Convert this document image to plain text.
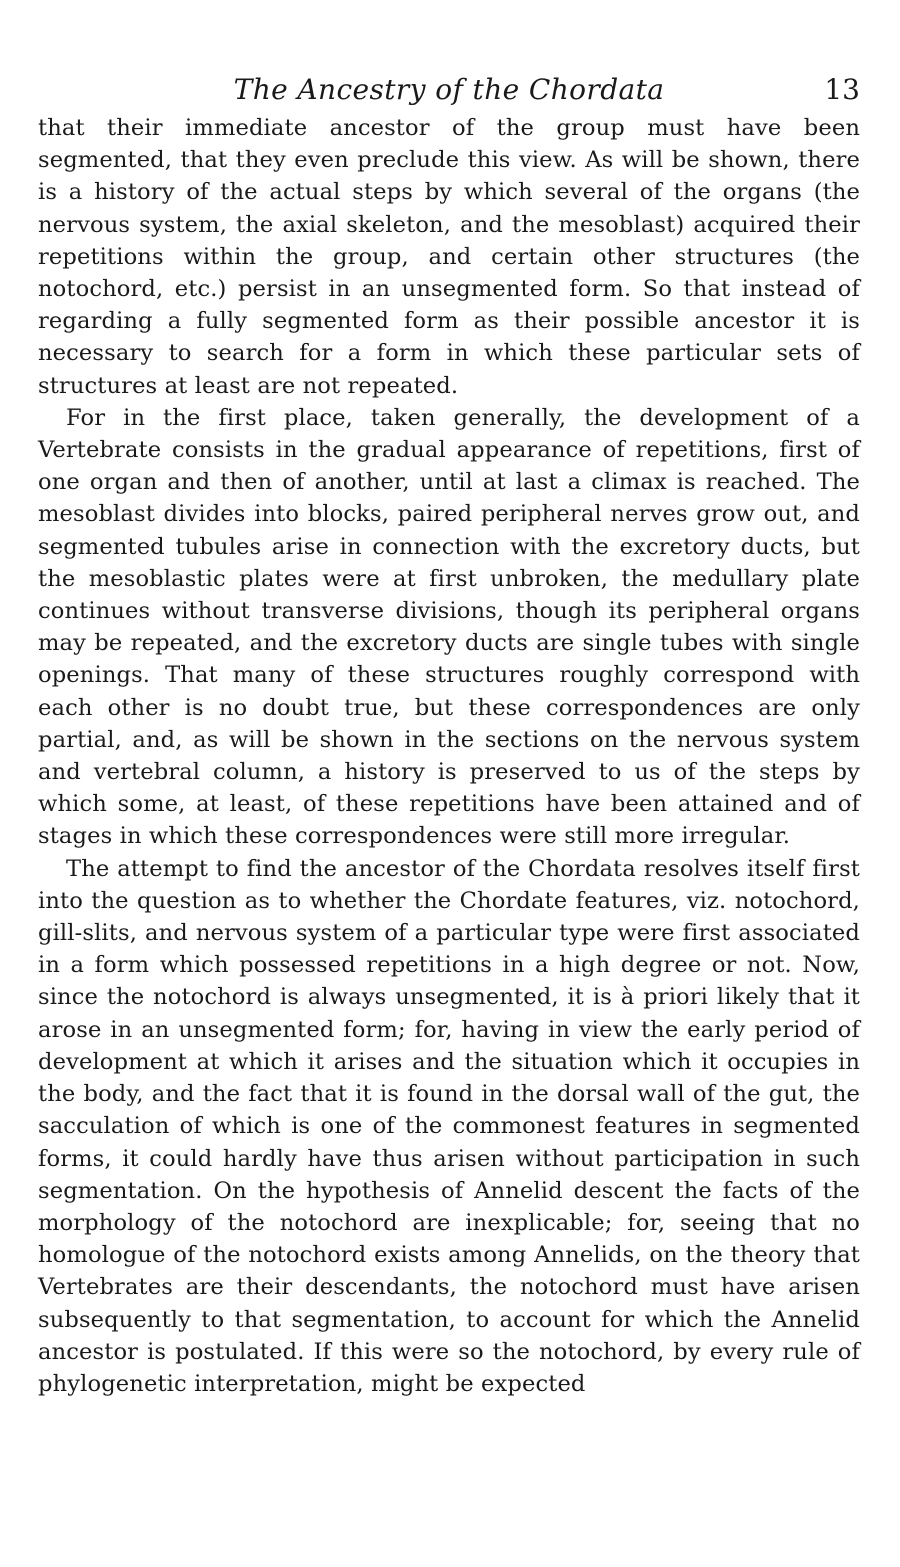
The Ancestry of the Chordata	13

that their immediate ancestor of the group must have been segmented, that they even preclude this view. As will be shown, there is a history of the actual steps by which several of the organs (the nervous system, the axial skeleton, and the mesoblast) acquired their repetitions within the group, and certain other structures (the notochord, etc.) persist in an unsegmented form. So that instead of regarding a fully segmented form as their possible ancestor it is necessary to search for a form in which these particular sets of structures at least are not repeated.

For in the first place, taken generally, the development of a Vertebrate consists in the gradual appearance of repetitions, first of one organ and then of another, until at last a climax is reached. The mesoblast divides into blocks, paired peripheral nerves grow out, and segmented tubules arise in connection with the excretory ducts, but the mesoblastic plates were at first unbroken, the medullary plate continues without transverse divisions, though its peripheral organs may be repeated, and the excretory ducts are single tubes with single openings. That many of these structures roughly correspond with each other is no doubt true, but these correspondences are only partial, and, as will be shown in the sections on the nervous system and vertebral column, a history is preserved to us of the steps by which some, at least, of these repetitions have been attained and of stages in which these correspondences were still more irregular.

The attempt to find the ancestor of the Chordata resolves itself first into the question as to whether the Chordate features, viz. notochord, gill-slits, and nervous system of a particular type were first associated in a form which possessed repetitions in a high degree or not. Now, since the notochord is always unsegmented, it is à priori likely that it arose in an unsegmented form; for, having in view the early period of development at which it arises and the situation which it occupies in the body, and the fact that it is found in the dorsal wall of the gut, the sacculation of which is one of the commonest features in segmented forms, it could hardly have thus arisen without participation in such segmentation. On the hypothesis of Annelid descent the facts of the morphology of the notochord are inexplicable; for, seeing that no homologue of the notochord exists among Annelids, on the theory that Vertebrates are their descendants, the notochord must have arisen subsequently to that segmentation, to account for which the Annelid ancestor is postulated. If this were so the notochord, by every rule of phylogenetic interpretation, might be expected
